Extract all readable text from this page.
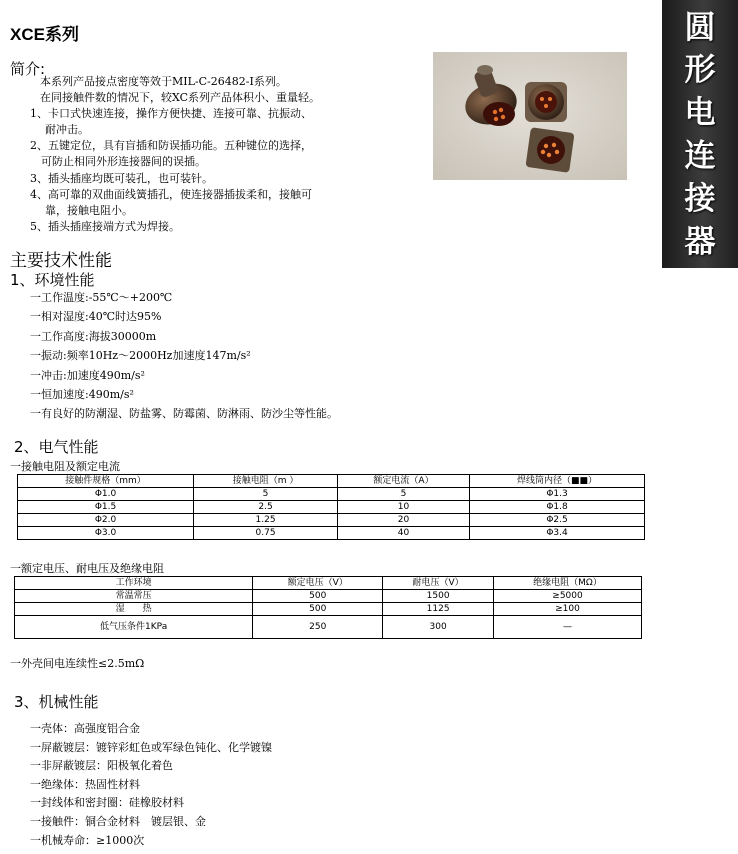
XCE系列
简介:
本系列产品接点密度等效于MIL-C-26482-Ⅰ系列。
在同接触件数的情况下，较XC系列产品体积小、重量轻。
1、卡口式快速连接，操作方便快捷、连接可靠、抗振动、
耐冲击。
2、五键定位，具有盲插和防误插功能。五种键位的选择，
可防止相同外形连接器间的误插。
3、插头插座均既可装孔，也可装针。
4、高可靠的双曲面线簧插孔，使连接器插拔柔和，接触可
靠，接触电阻小。
5、插头插座接端方式为焊接。
圆
形
电
连
接
器
主要技术性能
1、环境性能
一工作温度:-55℃～+200℃
一相对湿度:40℃时达95%
一工作高度:海拔30000m
一振动:频率10Hz～2000Hz加速度147m/s²
一冲击:加速度490m/s²
一恒加速度:490m/s²
一有良好的防潮湿、防盐雾、防霉菌、防淋雨、防沙尘等性能。
2、电气性能
一接触电阻及额定电流
接触件规格（mm）	接触电阻（m ）	额定电流（A）	焊线筒内径（■■）
Φ1.0	5	5	Φ1.3
Φ1.5	2.5	10	Φ1.8
Φ2.0	1.25	20	Φ2.5
Φ3.0	0.75	40	Φ3.4
一额定电压、耐电压及绝缘电阻
工作环境	额定电压（V）	耐电压（V）	绝缘电阻（MΩ）
常温常压	500	1500	≥5000
湿　　热	500	1125	≥100
低气压条件1KPa	250	300	—
一外壳间电连续性≤2.5mΩ
3、机械性能
一壳体：高强度铝合金
一屏蔽镀层：镀锌彩虹色或军绿色钝化、化学镀镍
一非屏蔽镀层：阳极氧化着色
一绝缘体：热固性材料
一封线体和密封圈：硅橡胶材料
一接触件：铜合金材料　镀层银、金
一机械寿命：≥1000次
